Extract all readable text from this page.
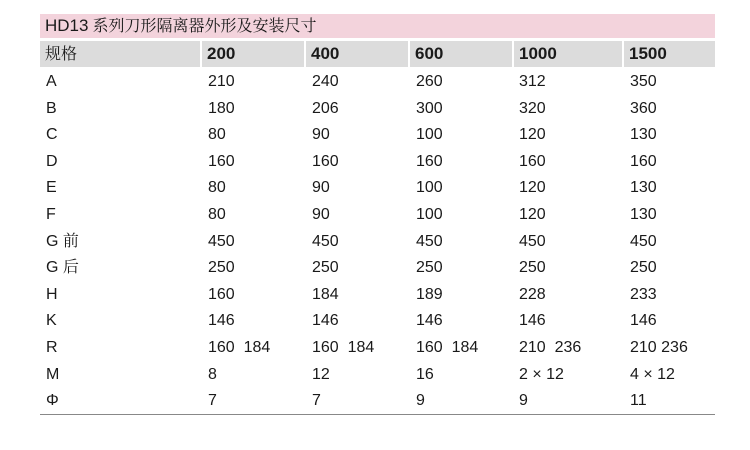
HD13 系列刀形隔离器外形及安装尺寸
规格	200	400	600	1000	1500
A	210	240	260	312	350
B	180	206	300	320	360
C	80	90	100	120	130
D	160	160	160	160	160
E	80	90	100	120	130
F	80	90	100	120	130
G 前	450	450	450	450	450
G 后	250	250	250	250	250
H	160	184	189	228	233
K	146	146	146	146	146
R	160  184	160  184	160  184	210  236	210 236
M	8	12	16	2 × 12	4 × 12
Φ	7	7	9	9	11
